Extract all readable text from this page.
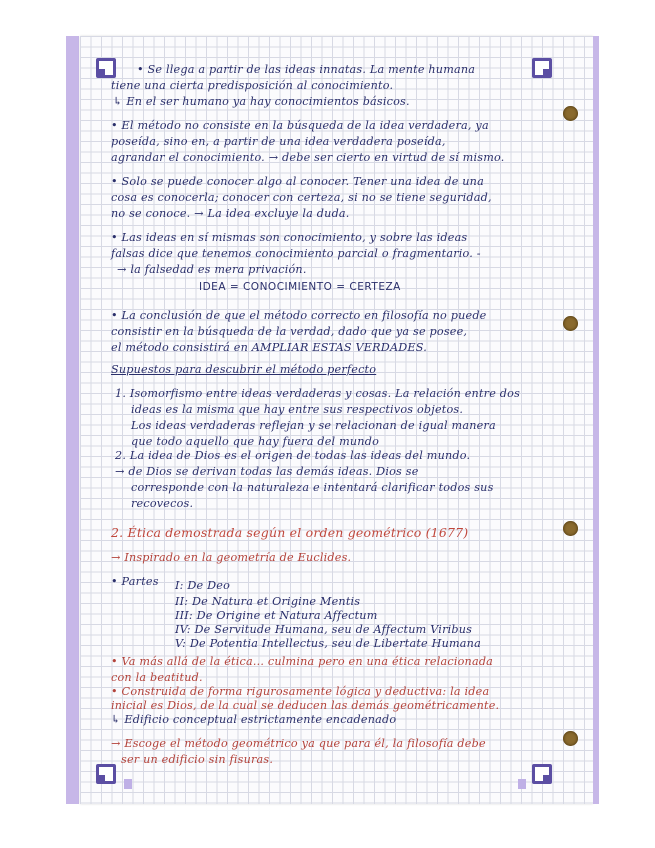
• Se llega a partir de las ideas innatas. La mente humana
tiene una cierta predisposición al conocimiento.
↳ En el ser humano ya hay conocimientos básicos.
• El método no consiste en la búsqueda de la idea verdadera, ya
poseída, sino en, a partir de una idea verdadera poseída,
agrandar el conocimiento. → debe ser cierto en virtud de sí mismo.
• Solo se puede conocer algo al conocer. Tener una idea de una
cosa es conocerla; conocer con certeza, si no se tiene seguridad,
no se conoce. → La idea excluye la duda.
• Las ideas en sí mismas son conocimiento, y sobre las ideas
falsas dice que tenemos conocimiento parcial o fragmentario. -
→ la falsedad es mera privación.
IDEA = CONOCIMIENTO = CERTEZA
• La conclusión de que el método correcto en filosofía no puede
consistir en la búsqueda de la verdad, dado que ya se posee,
el método consistirá en AMPLIAR ESTAS VERDADES.
Supuestos para descubrir el método perfecto
1. Isomorfismo entre ideas verdaderas y cosas. La relación entre dos
ideas es la misma que hay entre sus respectivos objetos.
Los ideas verdaderas reflejan y se relacionan de igual manera
que todo aquello que hay fuera del mundo
2. La idea de Dios es el origen de todas las ideas del mundo.
→ de Dios se derivan todas las demás ideas. Dios se
corresponde con la naturaleza e intentará clarificar todos sus
recovecos.
2. Ética demostrada según el orden geométrico (1677)
→ Inspirado en la geometría de Euclides.
• Partes I: De Deo
II: De Natura et Origine Mentis
III: De Origine et Natura Affectum
IV: De Servitude Humana, seu de Affectum Viribus
V: De Potentia Intellectus, seu de Libertate Humana
• Va más allá de la ética... culmina pero en una ética relacionada
con la beatitud.
• Construida de forma rigurosamente lógica y deductiva: la idea
inicial es Dios, de la cual se deducen las demás geométricamente.
↳ Edificio conceptual estrictamente encadenado
→ Escoge el método geométrico ya que para él, la filosofía debe
ser un edificio sin fisuras.
